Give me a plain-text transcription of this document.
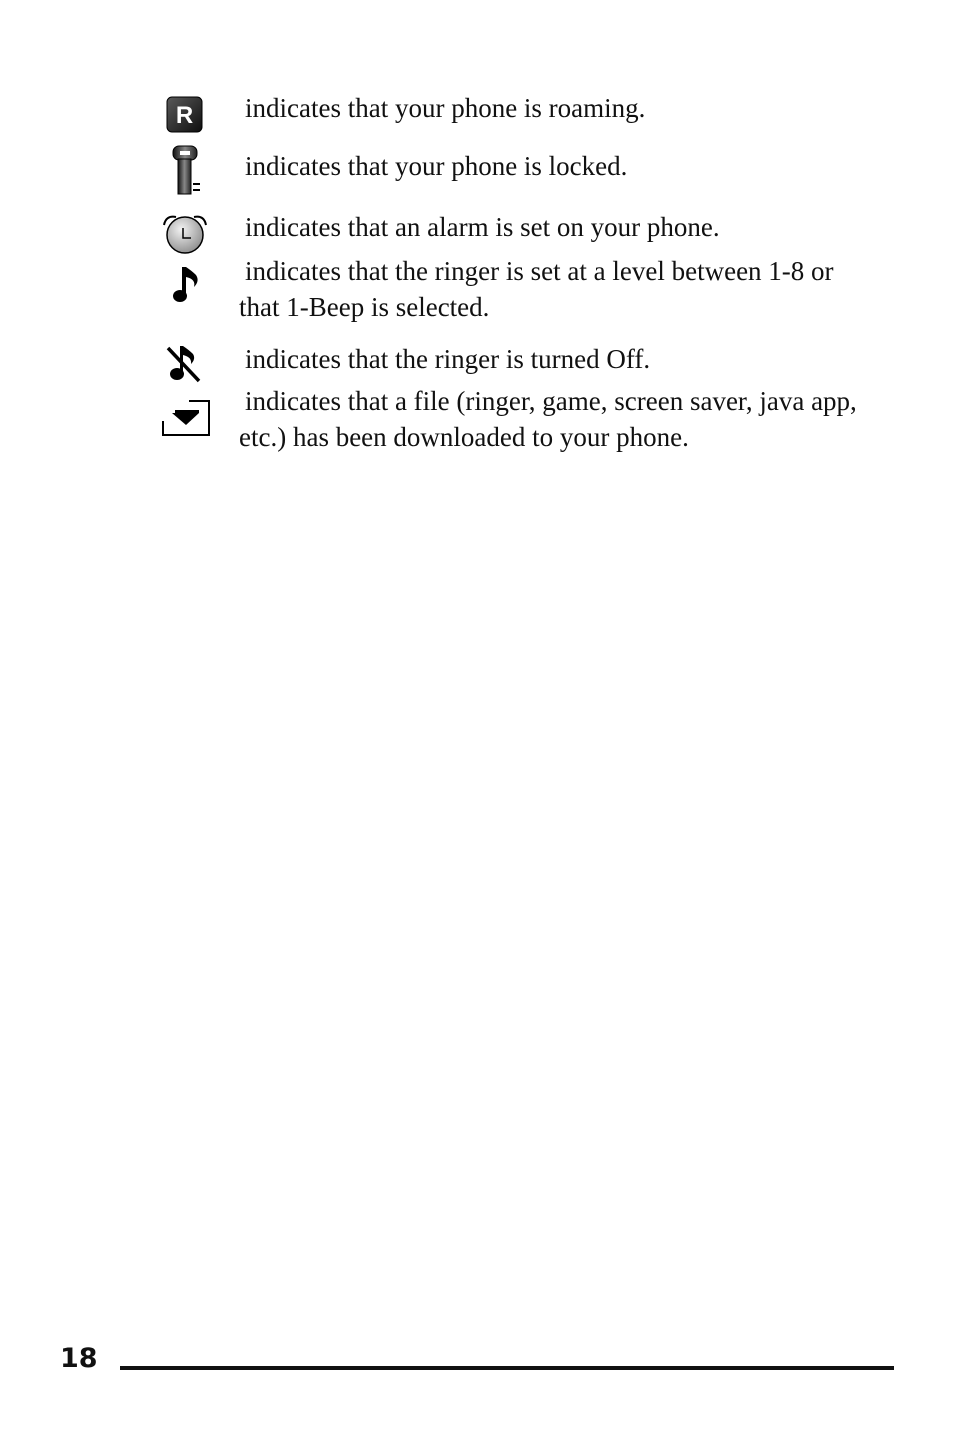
R indicates that your phone is roaming.
indicates that your phone is locked.
indicates that an alarm is set on your phone.
indicates that the ringer is set at a level between 1-8 or that 1-Beep is selected.
indicates that the ringer is turned Off.
indicates that a file (ringer, game, screen saver, java app, etc.) has been downloaded to your phone.
18
